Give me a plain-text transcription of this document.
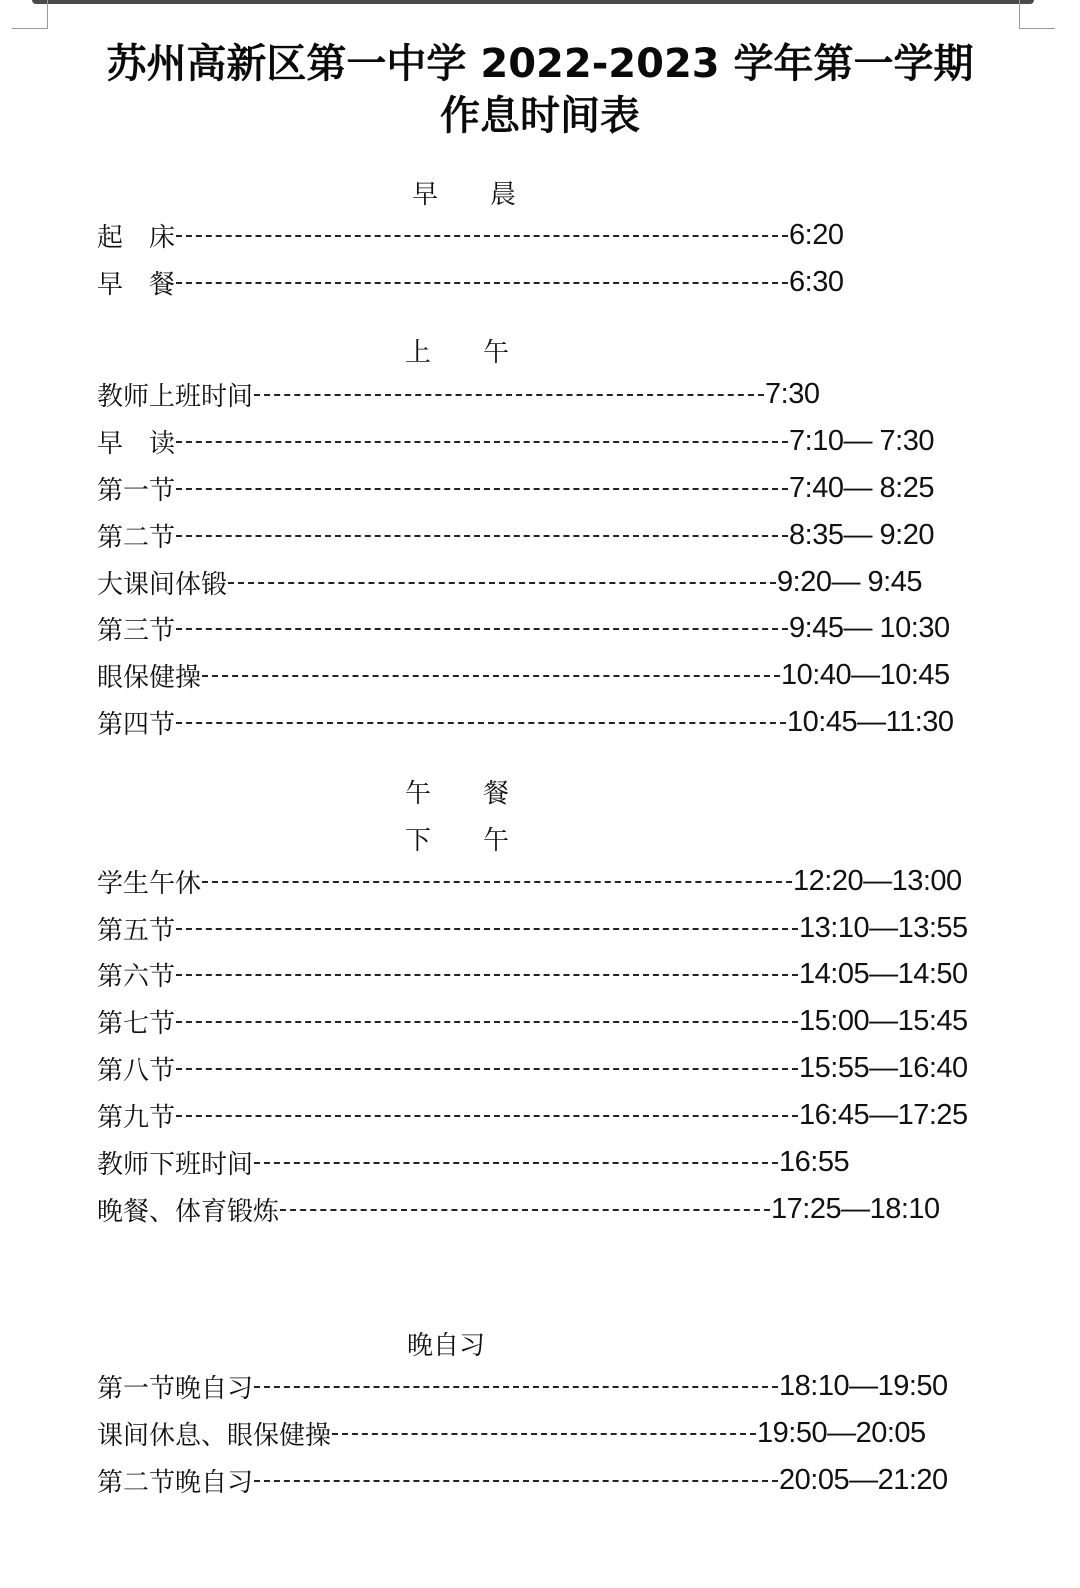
苏州高新区第一中学 2022-2023 学年第一学期
作息时间表
早　　晨
起　床	6:20
早　餐	6:30
上　　午
教师上班时间	7:30
早　读	7:10— 7:30
第一节	7:40— 8:25
第二节	8:35— 9:20
大课间体锻	9:20— 9:45
第三节	9:45— 10:30
眼保健操	10:40—10:45
第四节	10:45—11:30
午　　餐
下　　午
学生午休	12:20—13:00
第五节	13:10—13:55
第六节	14:05—14:50
第七节	15:00—15:45
第八节	15:55—16:40
第九节	16:45—17:25
教师下班时间	16:55
晚餐、体育锻炼	17:25—18:10
晚自习
第一节晚自习	18:10—19:50
课间休息、眼保健操	19:50—20:05
第二节晚自习	20:05—21:20
